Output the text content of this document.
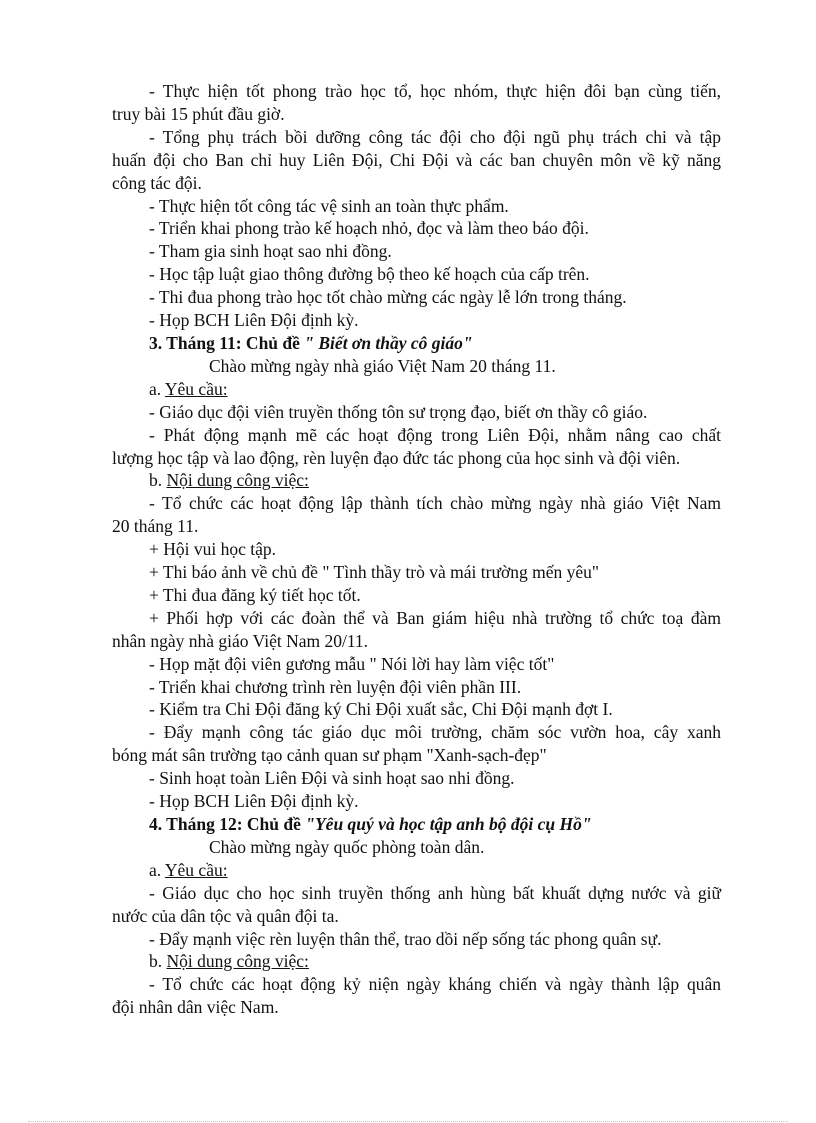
- Thực hiện tốt phong trào học tổ, học nhóm, thực hiện đôi bạn cùng tiến,

truy bài 15 phút đầu giờ.

- Tổng phụ trách bồi dưỡng công tác đội cho đội ngũ phụ trách chi và tập

huấn đội cho Ban chỉ huy Liên Đội, Chi Đội và các ban chuyên môn về kỹ năng

công tác đội.

- Thực hiện tốt công tác vệ sinh an toàn thực phẩm.

- Triển khai phong trào kế hoạch nhỏ, đọc và làm theo báo đội.

- Tham gia sinh hoạt sao nhi đồng.

- Học tập luật giao thông đường bộ theo kế hoạch của cấp trên.

- Thi đua phong trào học tốt chào mừng các ngày lễ lớn trong tháng.

- Họp BCH Liên Đội định kỳ.

3. Tháng 11: Chủ đề " Biết ơn thầy cô giáo"

Chào mừng ngày nhà giáo Việt Nam 20 tháng 11.

a. Yêu cầu:

- Giáo dục đội viên truyền thống tôn sư trọng đạo, biết ơn thầy cô giáo.

- Phát động mạnh mẽ các hoạt động trong Liên Đội, nhằm nâng cao chất

lượng học tập và lao động, rèn luyện đạo đức tác phong của học sinh và đội viên.

b. Nội dung công việc:

- Tổ chức các hoạt động lập thành tích chào mừng ngày nhà giáo Việt Nam

20 tháng 11.

+ Hội vui học tập.

+ Thi báo ảnh về chủ đề " Tình thầy trò và mái trường mến yêu"

+ Thi đua đăng ký tiết học tốt.

+ Phối hợp với các đoàn thể và Ban giám hiệu nhà trường tổ chức toạ đàm

nhân ngày nhà giáo Việt Nam 20/11.

- Họp mặt đội viên gương mẫu " Nói lời hay làm việc tốt"

- Triển khai chương trình rèn luyện đội viên phần III.

- Kiểm tra Chi Đội đăng ký Chi Đội xuất sắc, Chi Đội mạnh đợt I.

- Đẩy mạnh công tác giáo dục môi trường, chăm sóc vườn hoa, cây xanh

bóng mát sân trường tạo cảnh quan sư phạm "Xanh-sạch-đẹp"

- Sinh hoạt toàn Liên Đội và sinh hoạt sao nhi đồng.

- Họp BCH Liên Đội định kỳ.

4. Tháng 12: Chủ đề "Yêu quý và học tập anh bộ đội cụ Hồ"

Chào mừng ngày quốc phòng toàn dân.

a. Yêu cầu:

- Giáo dục cho học sinh truyền thống anh hùng bất khuất dựng nước và giữ

nước của dân tộc và quân đội ta.

- Đẩy mạnh việc rèn luyện thân thể, trao dồi nếp sống tác phong quân sự.

b. Nội dung công việc:

- Tổ chức các hoạt động kỷ niện ngày kháng chiến và ngày thành lập quân

đội nhân dân việc Nam.
